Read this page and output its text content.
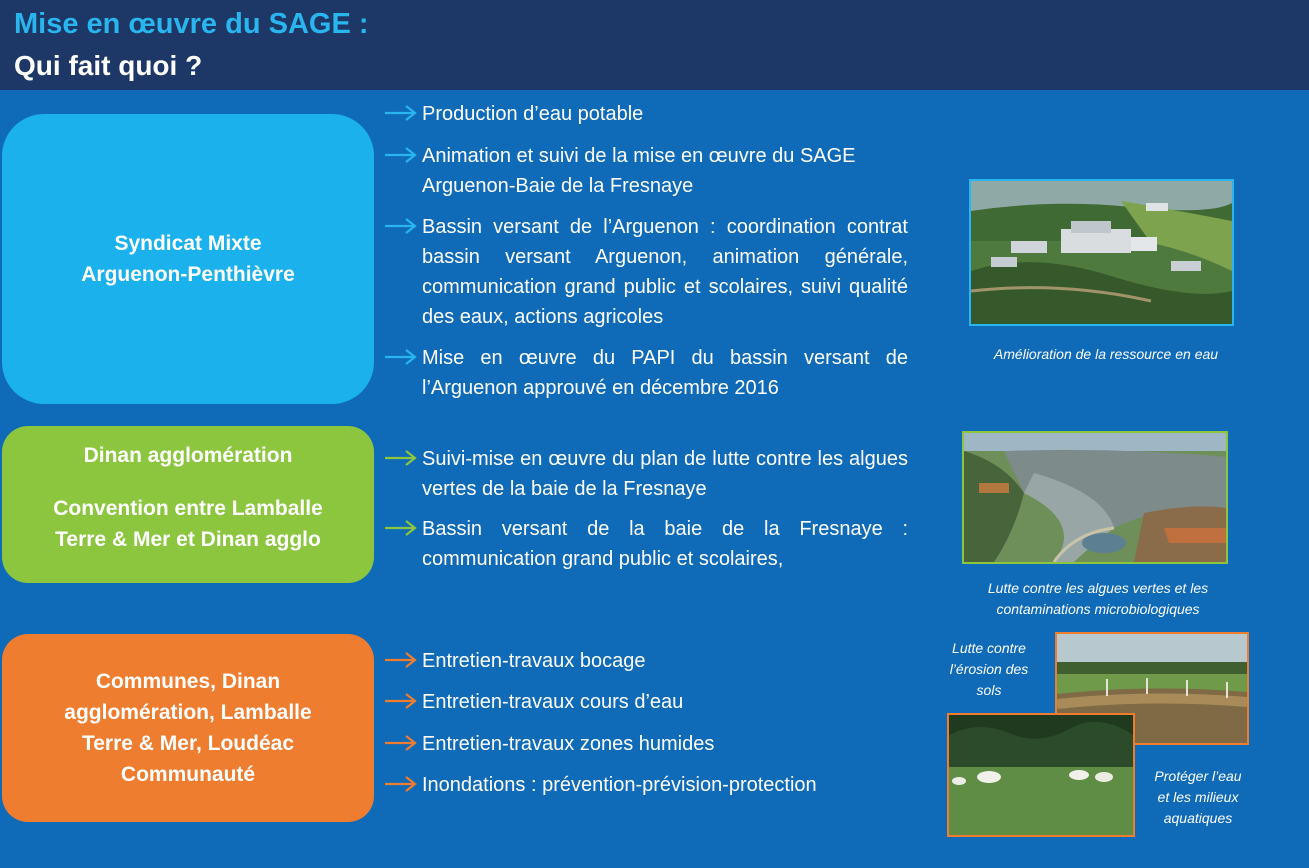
Mise en œuvre du SAGE :
Qui fait quoi ?
Syndicat Mixte
Arguenon-Penthièvre
Dinan agglomération
Convention entre Lamballe
Terre & Mer et Dinan agglo
Communes, Dinan
agglomération, Lamballe
Terre & Mer, Loudéac
Communauté
Production d’eau potable
Animation et suivi de la mise en œuvre du SAGE Arguenon-Baie de la Fresnaye
Bassin versant de l’Arguenon : coordination contrat bassin versant Arguenon, animation générale, communication grand public et scolaires, suivi qualité des eaux, actions agricoles
Mise en œuvre du PAPI du bassin versant de l’Arguenon approuvé en décembre 2016
Suivi-mise en œuvre du plan de lutte contre les algues vertes de la baie de la Fresnaye
Bassin versant de la baie de la Fresnaye : communication grand public et scolaires,
Entretien-travaux bocage
Entretien-travaux cours d’eau
Entretien-travaux zones humides
Inondations : prévention-prévision-protection
Amélioration de la ressource en eau
Lutte contre les algues vertes et les
contaminations microbiologiques
Lutte contre
l’érosion des
sols
Protéger l’eau
et les milieux
aquatiques
